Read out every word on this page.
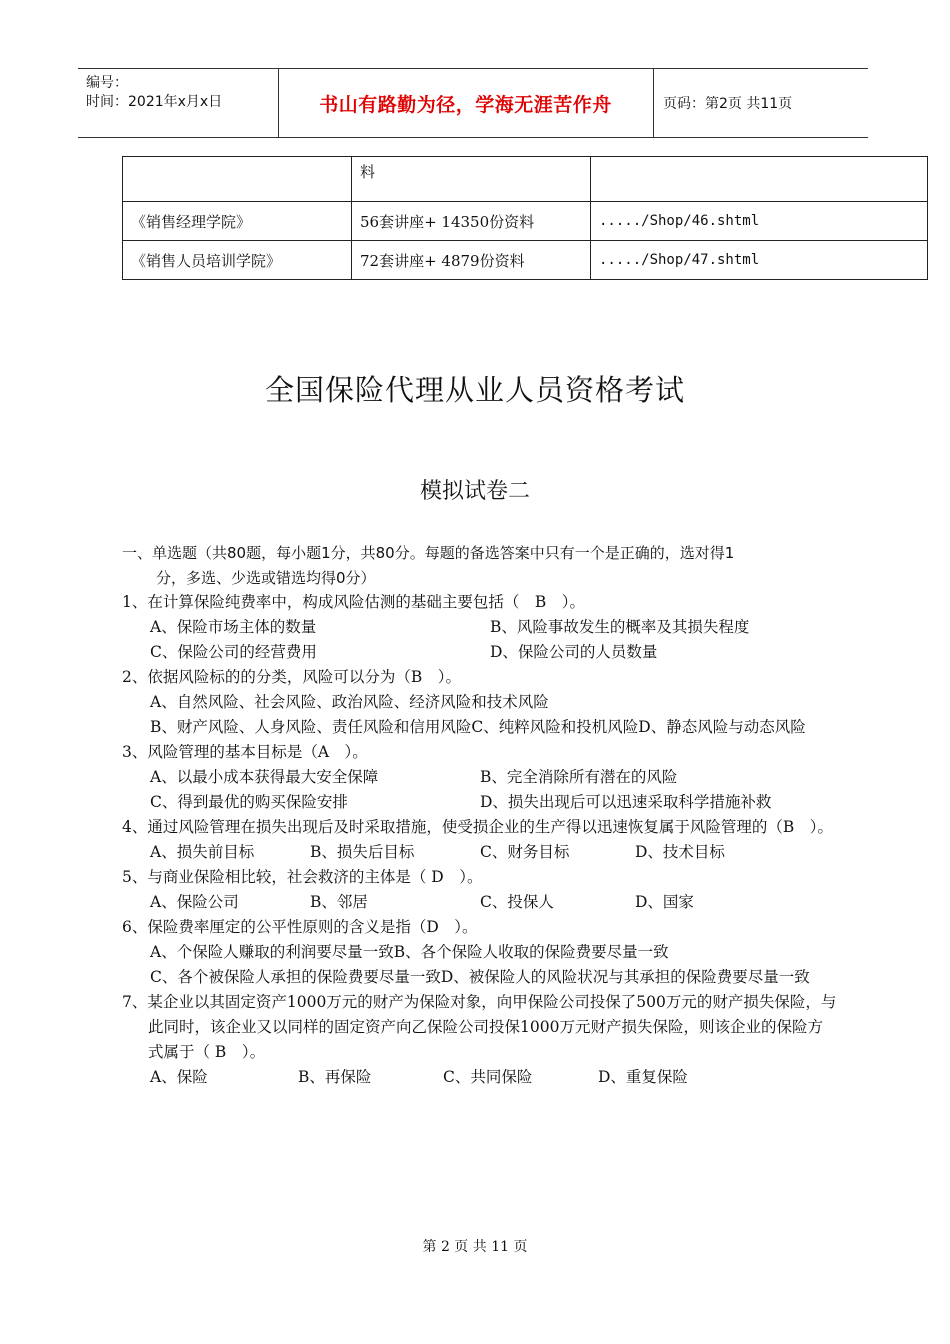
编号：
时间：2021年x月x日	书山有路勤为径，学海无涯苦作舟	页码：第2页 共11页
	料	
《销售经理学院》	56套讲座+ 14350份资料	...../Shop/46.shtml
《销售人员培训学院》	72套讲座+ 4879份资料	...../Shop/47.shtml
全国保险代理从业人员资格考试
模拟试卷二
一、单选题（共80题，每小题1分，共80分。每题的备选答案中只有一个是正确的，选对得1
分，多选、少选或错选均得0分）
1、在计算保险纯费率中，构成风险估测的基础主要包括（　B　）。
A、保险市场主体的数量	B、风险事故发生的概率及其损失程度
C、保险公司的经营费用	D、保险公司的人员数量
2、依据风险标的的分类，风险可以分为（B　）。
A、自然风险、社会风险、政治风险、经济风险和技术风险
B、财产风险、人身风险、责任风险和信用风险 C、纯粹风险和投机风险 D、静态风险与动态风险
3、风险管理的基本目标是（A　）。
A、以最小成本获得最大安全保障	B、完全消除所有潜在的风险
C、得到最优的购买保险安排	D、损失出现后可以迅速采取科学措施补救
4、通过风险管理在损失出现后及时采取措施，使受损企业的生产得以迅速恢复属于风险管理的（B　）。
A、损失前目标	B、损失后目标	C、财务目标	D、技术目标
5、与商业保险相比较，社会救济的主体是（ D　）。
A、保险公司	B、邻居	C、投保人	D、国家
6、保险费率厘定的公平性原则的含义是指（D　）。
A、个保险人赚取的利润要尽量一致 B、各个保险人收取的保险费要尽量一致
C、各个被保险人承担的保险费要尽量一致 D、被保险人的风险状况与其承担的保险费要尽量一致
7、某企业以其固定资产1000万元的财产为保险对象，向甲保险公司投保了500万元的财产损失保险，与此同时，该企业又以同样的固定资产向乙保险公司投保1000万元财产损失保险，则该企业的保险方式属于（ B　）。
A、保险	B、再保险	C、共同保险	D、重复保险
第 2 页 共 11 页
